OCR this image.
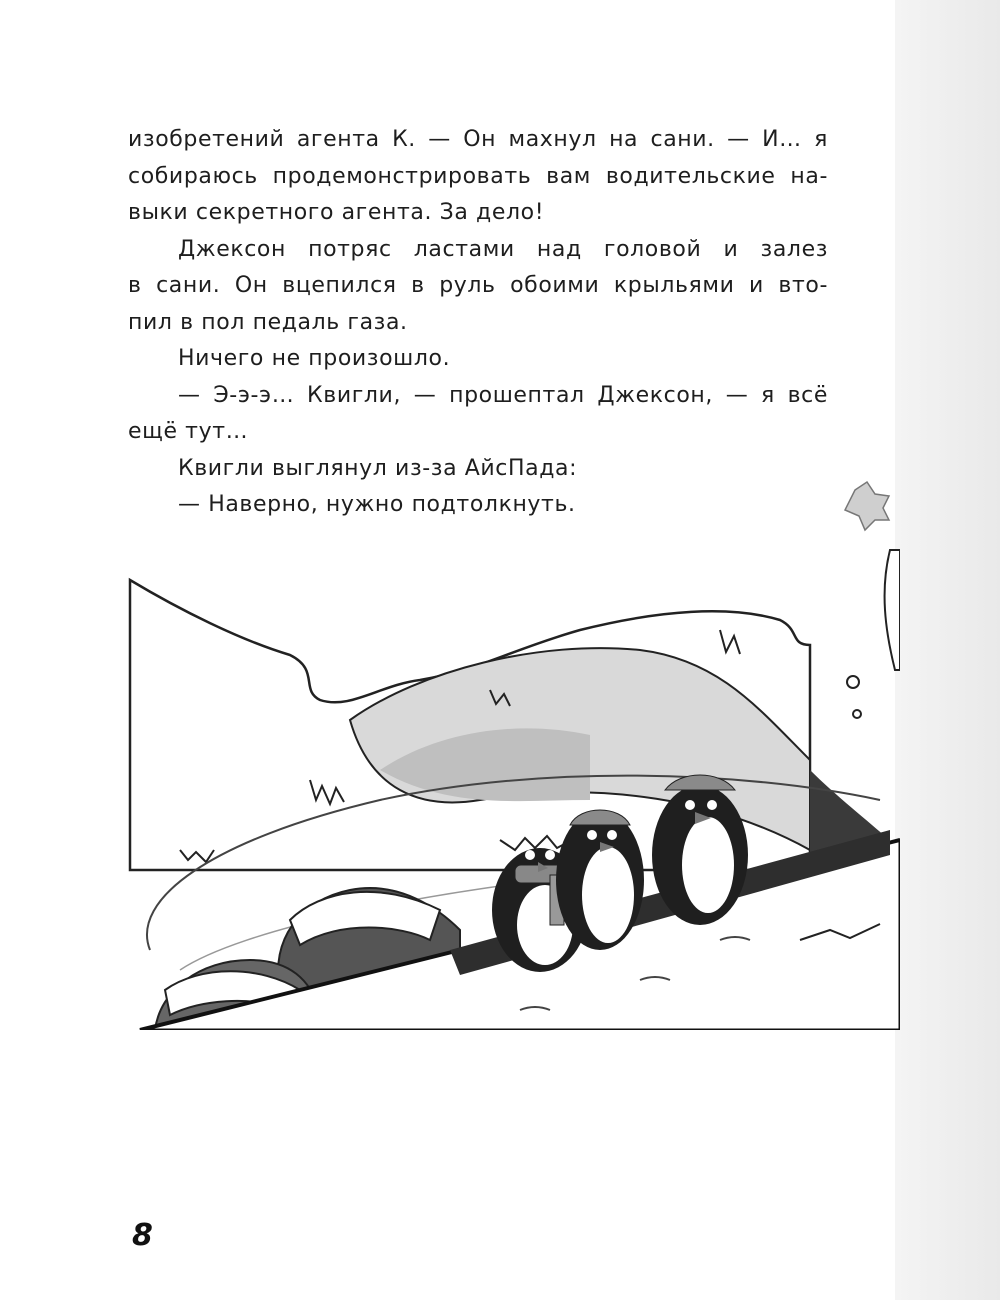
изобретений агента К. — Он махнул на сани. — И… я

собираюсь продемонстрировать вам водительские на-

выки секретного агента. За дело!

Джексон потряс ластами над головой и залез

в сани. Он вцепился в руль обоими крыльями и вто-

пил в пол педаль газа.

Ничего не произошло.

— Э-э-э… Квигли, — прошептал Джексон, — я всё

ещё тут…

Квигли выглянул из-за АйсПада:

— Наверно, нужно подтолкнуть.

8
